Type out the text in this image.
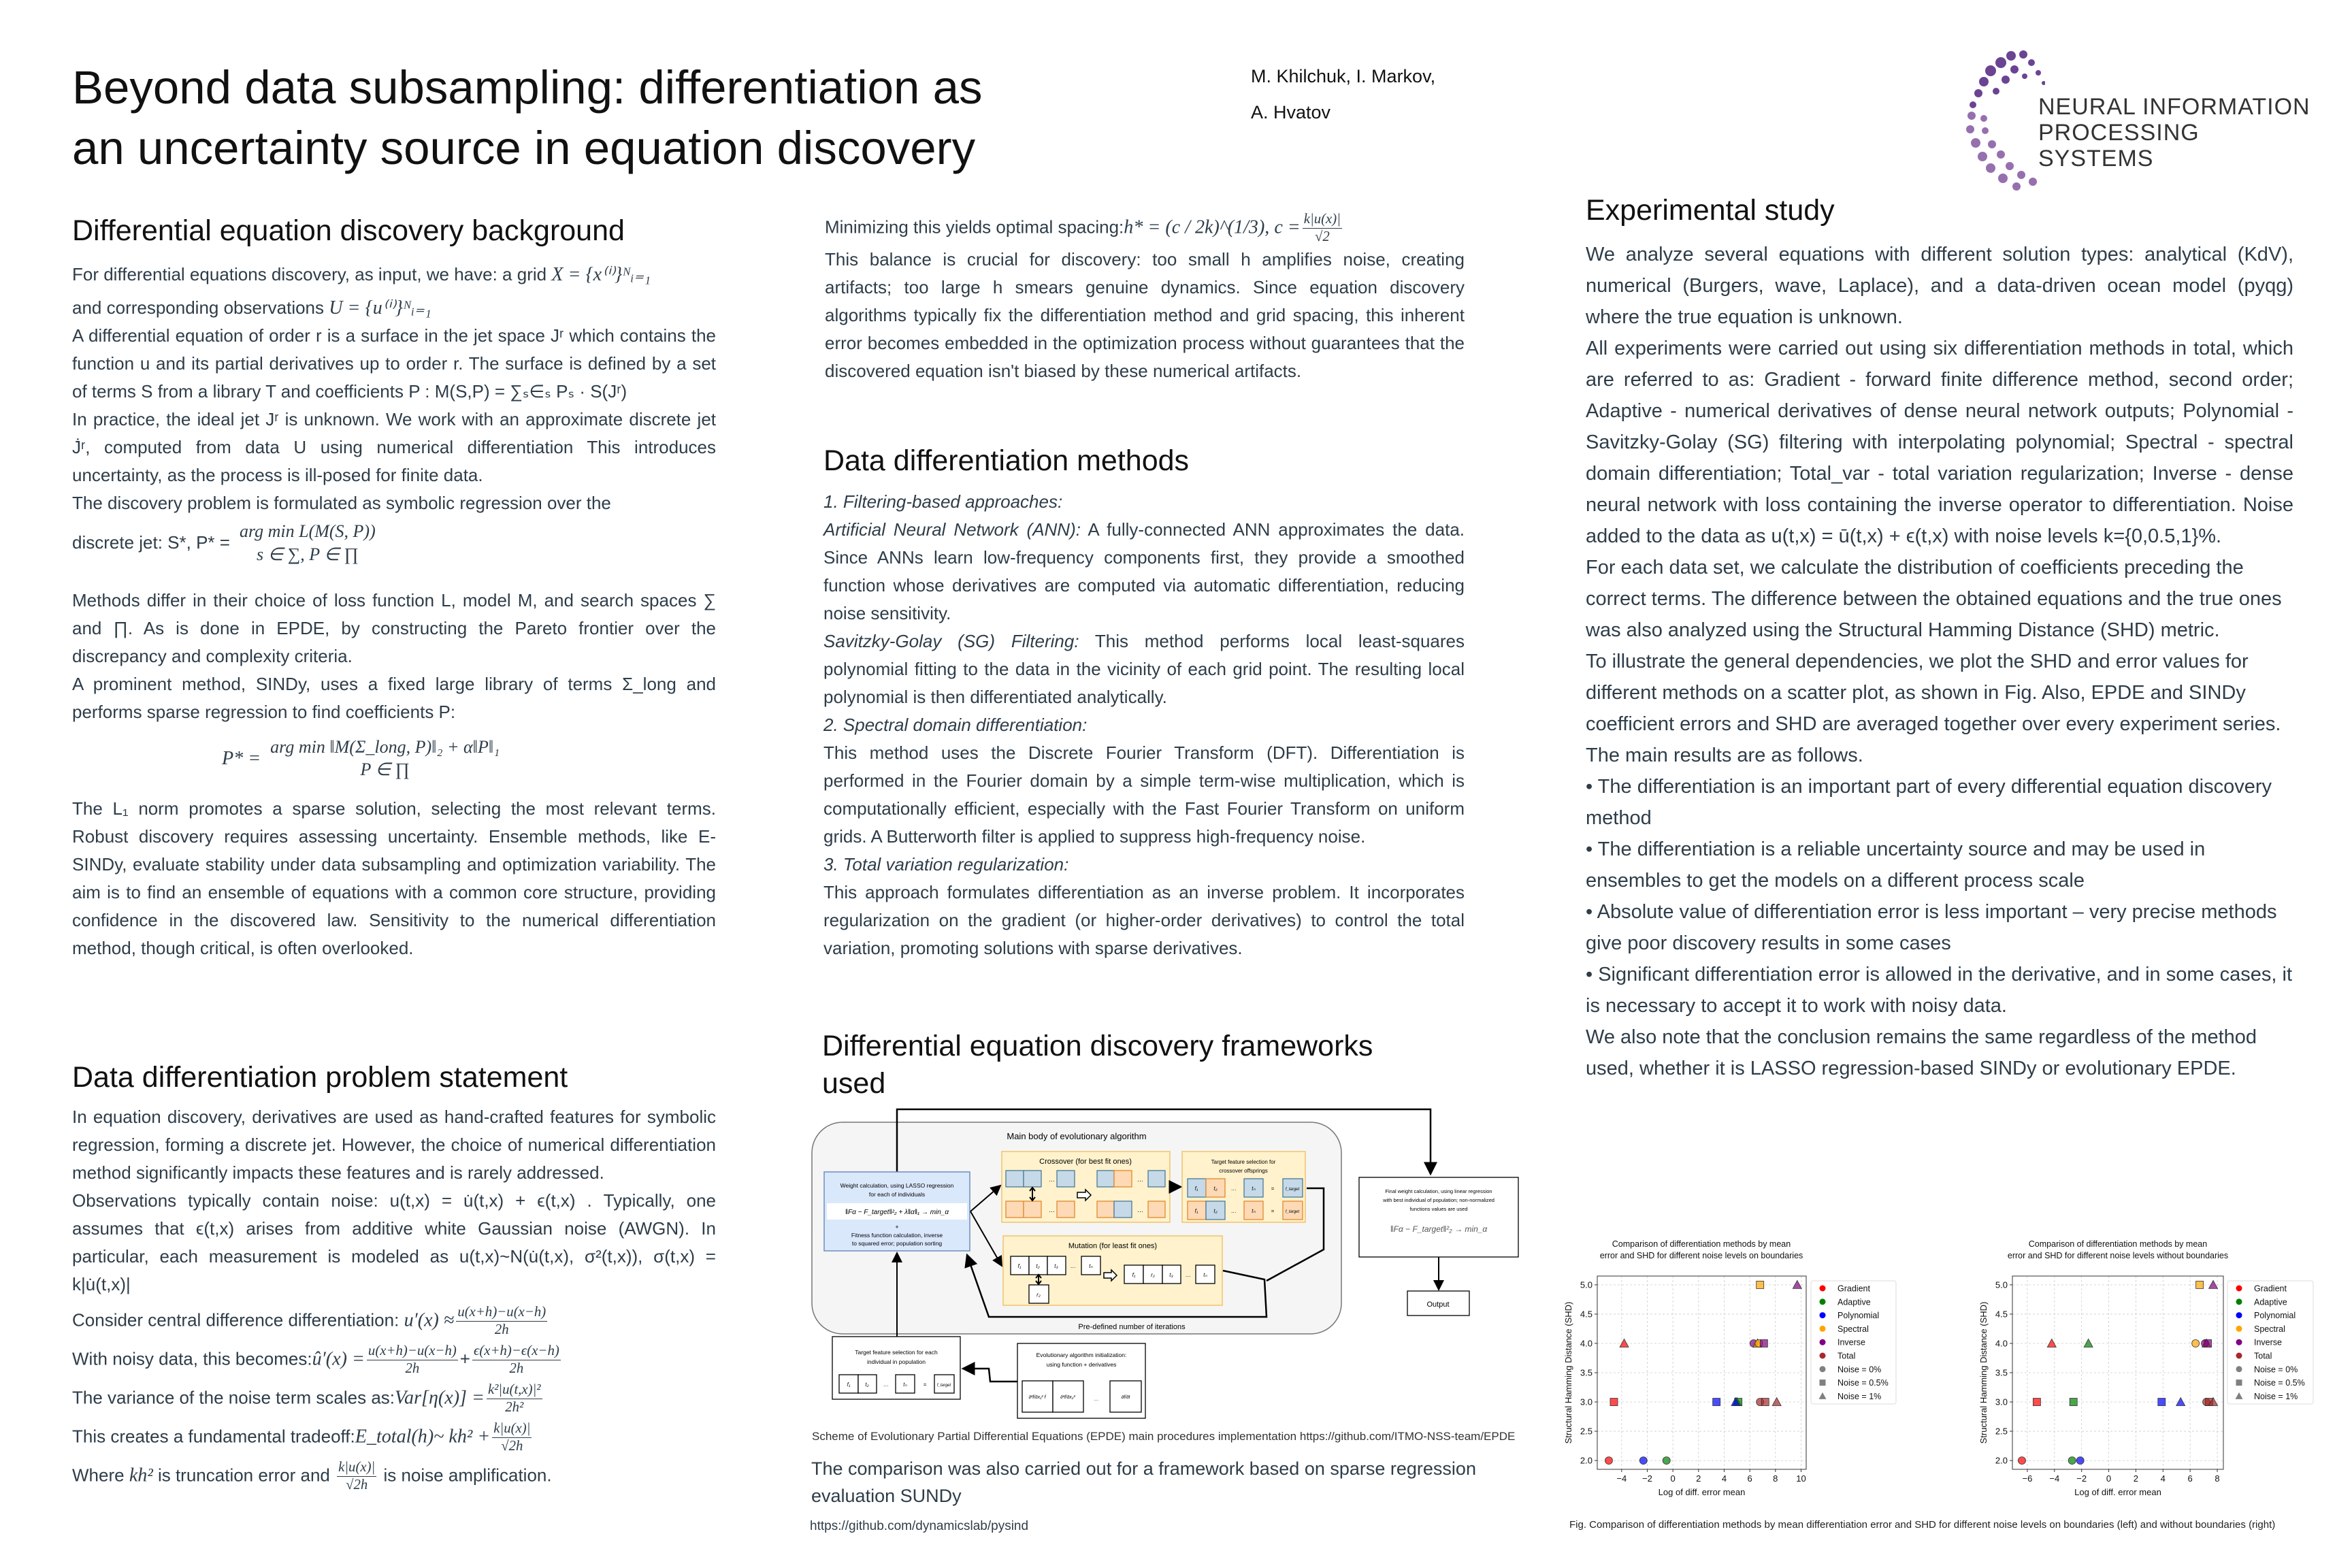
Beyond data subsampling: differentiation as
an uncertainty source in equation discovery
M. Khilchuk, I. Markov,
A. Hvatov	NEURAL INFORMATION
PROCESSING SYSTEMS
Differential equation discovery background

For differential equations discovery, as input, we have: a grid X = {x⁽ⁱ⁾}ᴺᵢ₌₁

and corresponding observations U = {u⁽ⁱ⁾}ᴺᵢ₌₁

A differential equation of order r is a surface in the jet space Jʳ which contains the function u and its partial derivatives up to order r. The surface is defined by a set of terms S from a library T and coefficients P : M(S,P) = ∑ₛ∈ₛ Pₛ · S(Jʳ)

In practice, the ideal jet Jʳ is unknown. We work with an approximate discrete jet J̇ʳ, computed from data U using numerical differentiation This introduces uncertainty, as the process is ill-posed for finite data.

The discovery problem is formulated as symbolic regression over the

discrete jet: S*, P* =
arg min L(M(S, P))
s ∈ ∑, P ∈ ∏

Methods differ in their choice of loss function L, model M, and search spaces ∑ and ∏. As is done in EPDE, by constructing the Pareto frontier over the discrepancy and complexity criteria.

A prominent method, SINDy, uses a fixed large library of terms Σ_long and performs sparse regression to find coefficients P:

P* =
arg min ‖M(Σ_long, P)‖₂ + α‖P‖₁
P ∈ ∏

The L₁ norm promotes a sparse solution, selecting the most relevant terms. Robust discovery requires assessing uncertainty. Ensemble methods, like E-SINDy, evaluate stability under data subsampling and optimization variability. The aim is to find an ensemble of equations with a common core structure, providing confidence in the discovered law. Sensitivity to the numerical differentiation method, though critical, is often overlooked.

Data differentiation problem statement

In equation discovery, derivatives are used as hand-crafted features for symbolic regression, forming a discrete jet. However, the choice of numerical differentiation method significantly impacts these features and is rarely addressed.

Observations typically contain noise: u(t,x) = u̇(t,x) + ϵ(t,x) . Typically, one assumes that ϵ(t,x) arises from additive white Gaussian noise (AWGN). In particular, each measurement is modeled as u(t,x)~N(u̇(t,x), σ²(t,x)), σ(t,x) = k|u̇(t,x)|

Consider central difference differentiation: $u'(x) \approx \frac{u(x+h)-u(x-h)}{2h}$

With noisy data, this becomes:û′(x) = $\frac{u(x+h)-u(x-h)}{2h} + \frac{\epsilon(x+h)-\epsilon(x-h)}{2h}$

The variance of the noise term scales as:Var[η(x)] = $\frac{\text{k²|u(t,x)|²}}{\text{2h²}}$

This creates a fundamental tradeoff:E_total(h)~ $kh^2 + \frac{k|u(x)|}{√2h}$

Where kh² is truncation error and $\frac{k|u(x)|}{√2h}$ is noise amplification.

Minimizing this yields optimal spacing:h* = (c / 2k)^(1/3), $c = \frac{k|u(x)|}{√2}$

This balance is crucial for discovery: too small h amplifies noise, creating artifacts; too large h smears genuine dynamics. Since equation discovery algorithms typically fix the differentiation method and grid spacing, this inherent error becomes embedded in the optimization process without guarantees that the discovered equation isn't biased by these numerical artifacts.

Data differentiation methods

1. Filtering-based approaches:

Artificial Neural Network (ANN): A fully-connected ANN approximates the data. Since ANNs learn low-frequency components first, they provide a smoothed function whose derivatives are computed via automatic differentiation, reducing noise sensitivity.

Savitzky-Golay (SG) Filtering: This method performs local least-squares polynomial fitting to the data in the vicinity of each grid point. The resulting local polynomial is then differentiated analytically.

2. Spectral domain differentiation:

This method uses the Discrete Fourier Transform (DFT). Differentiation is performed in the Fourier domain by a simple term-wise multiplication, which is computationally efficient, especially with the Fast Fourier Transform on uniform grids. A Butterworth filter is applied to suppress high-frequency noise.

3. Total variation regularization:

This approach formulates differentiation as an inverse problem. It incorporates regularization on the gradient (or higher-order derivatives) to control the total variation, promoting solutions with sparse derivatives.

Differential equation discovery frameworks used
Main body of evolutionary algorithm
Weight calculation, using LASSO regression
for each of individuals
‖Fα − F_target‖²₂ + λ‖α‖₁ → min_α
+
Fitness function calculation, inverse
to squared error; population sorting
Crossover (for best fit ones)
…
…
…
…
Target feature selection for
crossover offsprings
f₁	t₂	…	tₙ	=	f_target
f₁	t₂	…	tₙ	=	f_target
Mutation (for least fit ones)
f₁	t₂	t₃ … tₙ
r₂
f₁	r₂	t₃ … tₙ
Pre-defined number of iterations
Final weight calculation, using linear regression
with best individual of population; non-normalized
functions values are used
‖Fα − F_target‖²₂ → min_α
Output
Target feature selection for each
individual in population
f₁	t₂	…	tₙ	=	f_target
Evolutionary algorithm initialization:
using function + derivatives
∂²f/∂x₁² f	∂²f/∂x₂²	…	∂f/∂t
Scheme of Evolutionary Partial Differential Equations (EPDE) main procedures implementation https://github.com/ITMO-NSS-team/EPDE
The comparison was also carried out for a framework based on sparse regression evaluation SUNDy
https://github.com/dynamicslab/pysind
Experimental study

We analyze several equations with different solution types: analytical (KdV), numerical (Burgers, wave, Laplace), and a data-driven ocean model (pyqg) where the true equation is unknown.

All experiments were carried out using six differentiation methods in total, which are referred to as: Gradient - forward finite difference method, second order; Adaptive - numerical derivatives of dense neural network outputs; Polynomial - Savitzky-Golay (SG) filtering with interpolating polynomial; Spectral - spectral domain differentiation; Total_var - total variation regularization; Inverse - dense neural network with loss containing the inverse operator to differentiation. Noise added to the data as u(t,x) = ū(t,x) + ϵ(t,x) with noise levels k={0,0.5,1}%.

For each data set, we calculate the distribution of coefficients preceding the correct terms. The difference between the obtained equations and the true ones was also analyzed using the Structural Hamming Distance (SHD) metric.

To illustrate the general dependencies, we plot the SHD and error values for different methods on a scatter plot, as shown in Fig. Also, EPDE and SINDy coefficient errors and SHD are averaged together over every experiment series.

The main results are as follows.

• The differentiation is an important part of every differential equation discovery method

• The differentiation is a reliable uncertainty source and may be used in ensembles to get the models on a different process scale

• Absolute value of differentiation error is less important – very precise methods give poor discovery results in some cases

• Significant differentiation error is allowed in the derivative, and in some cases, it is necessary to accept it to work with noisy data.

We also note that the conclusion remains the same regardless of the method used, whether it is LASSO regression-based SINDy or evolutionary EPDE.

Comparison of differentiation methods by mean
error and SHD for different noise levels on boundaries
−4 −2 0 2 4 6 8 10
2.0
2.5
3.0
3.5
4.0
4.5
5.0
Log of diff. error mean
Structural Hamming Distance (SHD)
Gradient
Adaptive
Polynomial
Spectral
Inverse
Total
Noise = 0%
Noise = 0.5%
Noise = 1%
Comparison of differentiation methods by mean
error and SHD for different noise levels without boundaries
−6 −4 −2 0	2	4	6	8
2.0
2.5
3.0
3.5
4.0
4.5
5.0
Log of diff. error mean
Structural Hamming Distance (SHD)
Gradient
Adaptive
Polynomial
Spectral
Inverse
Total
Noise = 0%
Noise = 0.5%
Noise = 1%
Fig. Comparison of differentiation methods by mean differentiation error and SHD for different noise levels on boundaries (left) and without boundaries (right)
